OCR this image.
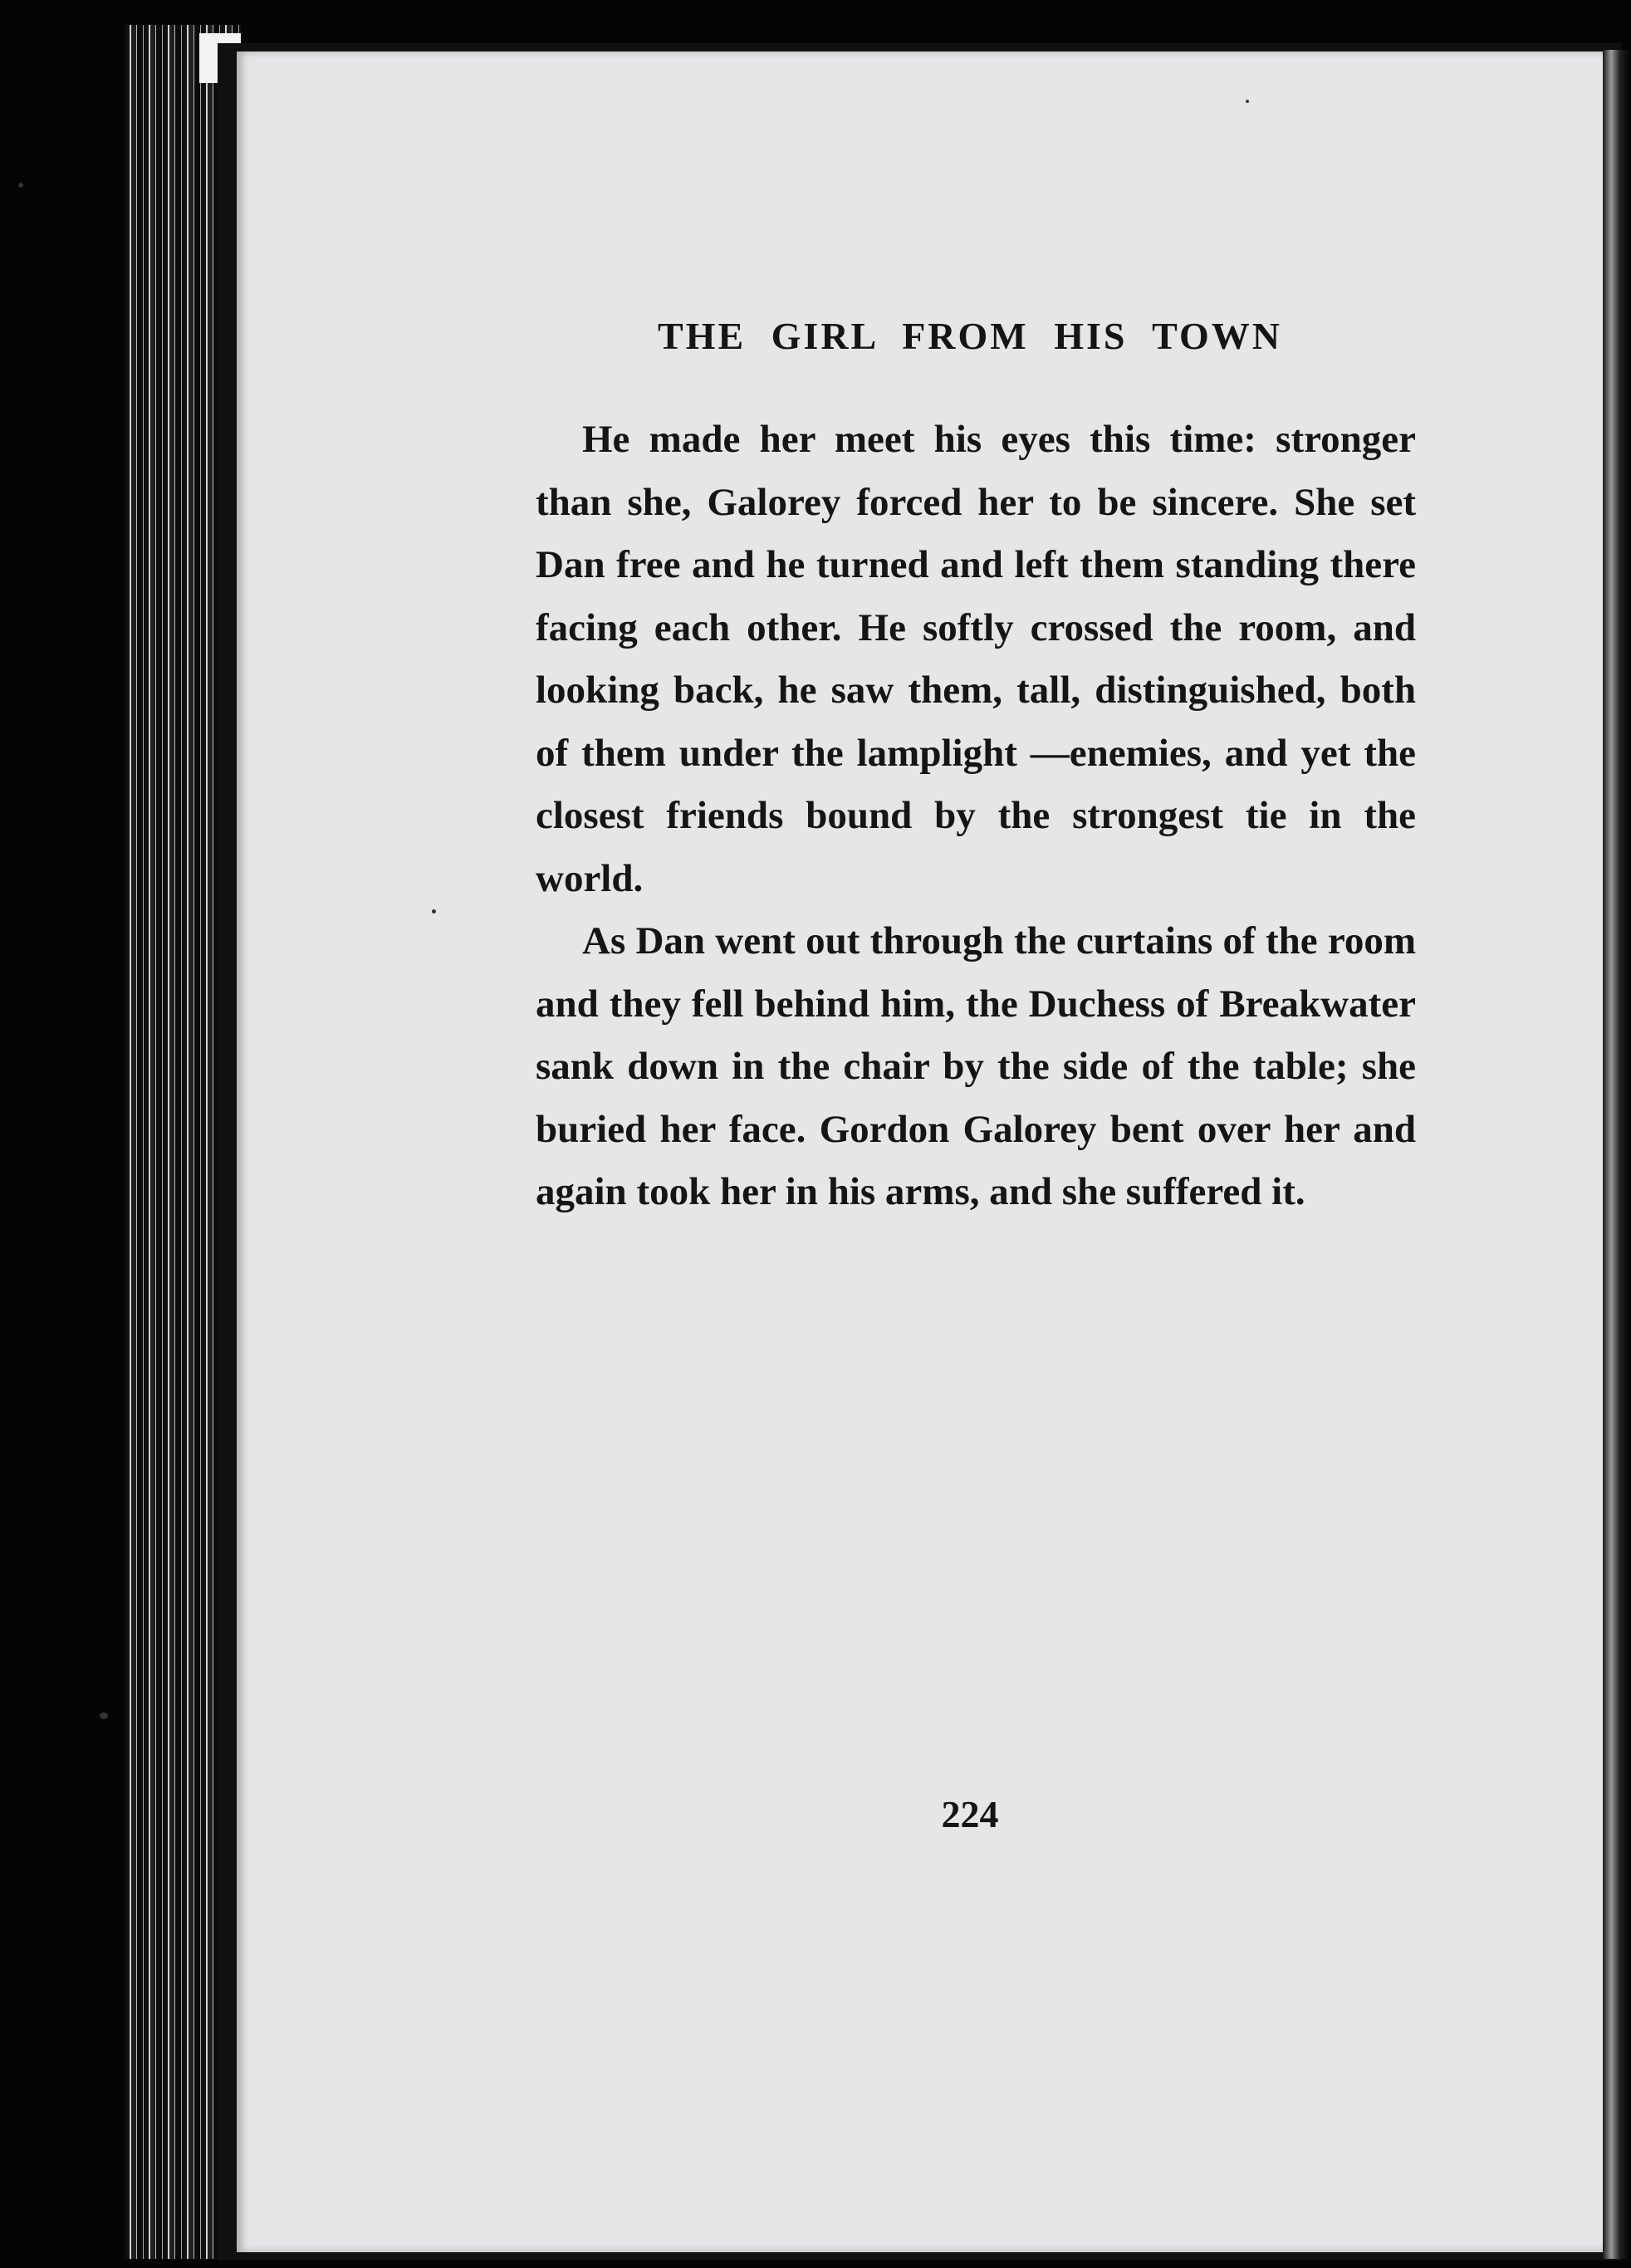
THE GIRL FROM HIS TOWN

He made her meet his eyes this time: stronger than she, Galorey forced her to be sincere. She set Dan free and he turned and left them standing there facing each other. He softly crossed the room, and looking back, he saw them, tall, distinguished, both of them under the lamplight —enemies, and yet the closest friends bound by the strongest tie in the world.

As Dan went out through the curtains of the room and they fell behind him, the Duchess of Breakwater sank down in the chair by the side of the table; she buried her face. Gordon Galorey bent over her and again took her in his arms, and she suffered it.

224
